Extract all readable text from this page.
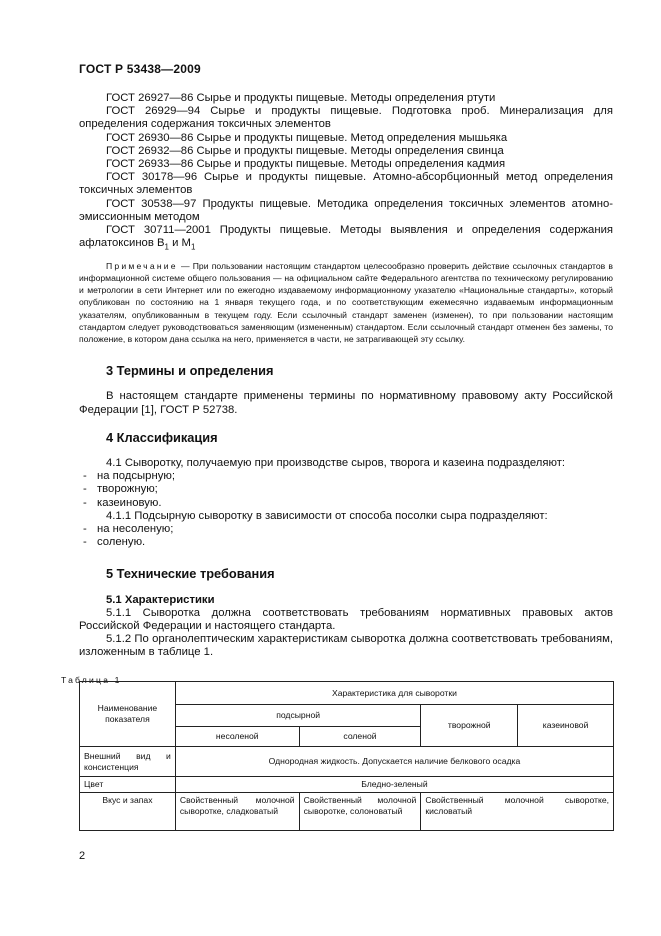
ГОСТ Р 53438—2009
ГОСТ 26927—86 Сырье и продукты пищевые. Методы определения ртути
ГОСТ 26929—94 Сырье и продукты пищевые. Подготовка проб. Минерализация для определения содержания токсичных элементов
ГОСТ 26930—86 Сырье и продукты пищевые. Метод определения мышьяка
ГОСТ 26932—86 Сырье и продукты пищевые. Методы определения свинца
ГОСТ 26933—86 Сырье и продукты пищевые. Методы определения кадмия
ГОСТ 30178—96 Сырье и продукты пищевые. Атомно-абсорбционный метод определения токсичных элементов
ГОСТ 30538—97 Продукты пищевые. Методика определения токсичных элементов атомно-эмиссионным методом
ГОСТ 30711—2001 Продукты пищевые. Методы выявления и определения содержания афлатоксинов $В_1$ и $М_1$
Примечание — При пользовании настоящим стандартом целесообразно проверить действие ссылочных стандартов в информационной системе общего пользования — на официальном сайте Федерального агентства по техническому регулированию и метрологии в сети Интернет или по ежегодно издаваемому информационному указателю «Национальные стандарты», который опубликован по состоянию на 1 января текущего года, и по соответствующим ежемесячно издаваемым информационным указателям, опубликованным в текущем году. Если ссылочный стандарт заменен (изменен), то при пользовании настоящим стандартом следует руководствоваться заменяющим (измененным) стандартом. Если ссылочный стандарт отменен без замены, то положение, в котором дана ссылка на него, применяется в части, не затрагивающей эту ссылку.
3 Термины и определения
В настоящем стандарте применены термины по нормативному правовому акту Российской Федерации [1], ГОСТ Р 52738.
4 Классификация
4.1 Сыворотку, получаемую при производстве сыров, творога и казеина подразделяют:
- на подсырную;
- творожную;
- казеиновую.
4.1.1 Подсырную сыворотку в зависимости от способа посолки сыра подразделяют:
- на несоленую;
- соленую.
5 Технические требования
5.1 Характеристики
5.1.1 Сыворотка должна соответствовать требованиям нормативных правовых актов Российской Федерации и настоящего стандарта.
5.1.2 По органолептическим характеристикам сыворотка должна соответствовать требованиям, изложенным в таблице 1.
Таблица 1
Наименование показателя	Характеристика для сыворотки			
	подсырной		творожной	казеиновой
	несоленой	соленой		
Внешний вид и консистенция	Однородная жидкость. Допускается наличие белкового осадка			
Цвет	Бледно-зеленый			
Вкус и запах	Свойственный молочной сыворотке, сладковатый	Свойственный молочной сыворотке, солоноватый	Свойственный молочной сыворотке, кисловатый	
2
